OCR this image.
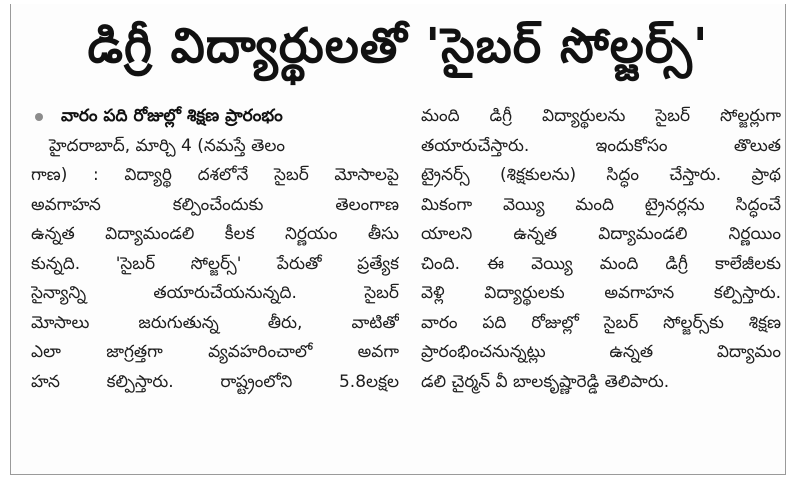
డిగ్రీ విద్యార్థులతో 'సైబర్ సోల్జర్స్'
వారం పది రోజుల్లో శిక్షణ ప్రారంభం
హైదరాబాద్, మార్చి 4 (నమస్తే తెలం
గాణ) : విద్యార్థి దశలోనే సైబర్ మోసాలపై
అవగాహన కల్పించేందుకు తెలంగాణ
ఉన్నత విద్యామండలి కీలక నిర్ణయం తీసు
కున్నది. 'సైబర్ సోల్జర్స్' పేరుతో ప్రత్యేక
సైన్యాన్ని తయారుచేయనున్నది. సైబర్
మోసాలు జరుగుతున్న తీరు, వాటితో
ఎలా జాగ్రత్తగా వ్యవహరించాలో అవగా
హన కల్పిస్తారు. రాష్ట్రంలోని 5.8లక్షల
మంది డిగ్రీ విద్యార్థులను సైబర్ సోల్జర్లుగా
తయారుచేస్తారు. ఇందుకోసం తొలుత
ట్రైనర్స్ (శిక్షకులను) సిద్ధం చేస్తారు. ప్రాథ
మికంగా వెయ్యి మంది ట్రైనర్లను సిద్ధంచే
యాలని ఉన్నత విద్యామండలి నిర్ణయిం
చింది. ఈ వెయ్యి మంది డిగ్రీ కాలేజీలకు
వెళ్లి విద్యార్థులకు అవగాహన కల్పిస్తారు.
వారం పది రోజుల్లో సైబర్ సోల్జర్స్‌కు శిక్షణ
ప్రారంభించనున్నట్లు ఉన్నత విద్యామం
డలి చైర్మన్ వీ బాలకృష్ణారెడ్డి తెలిపారు.
